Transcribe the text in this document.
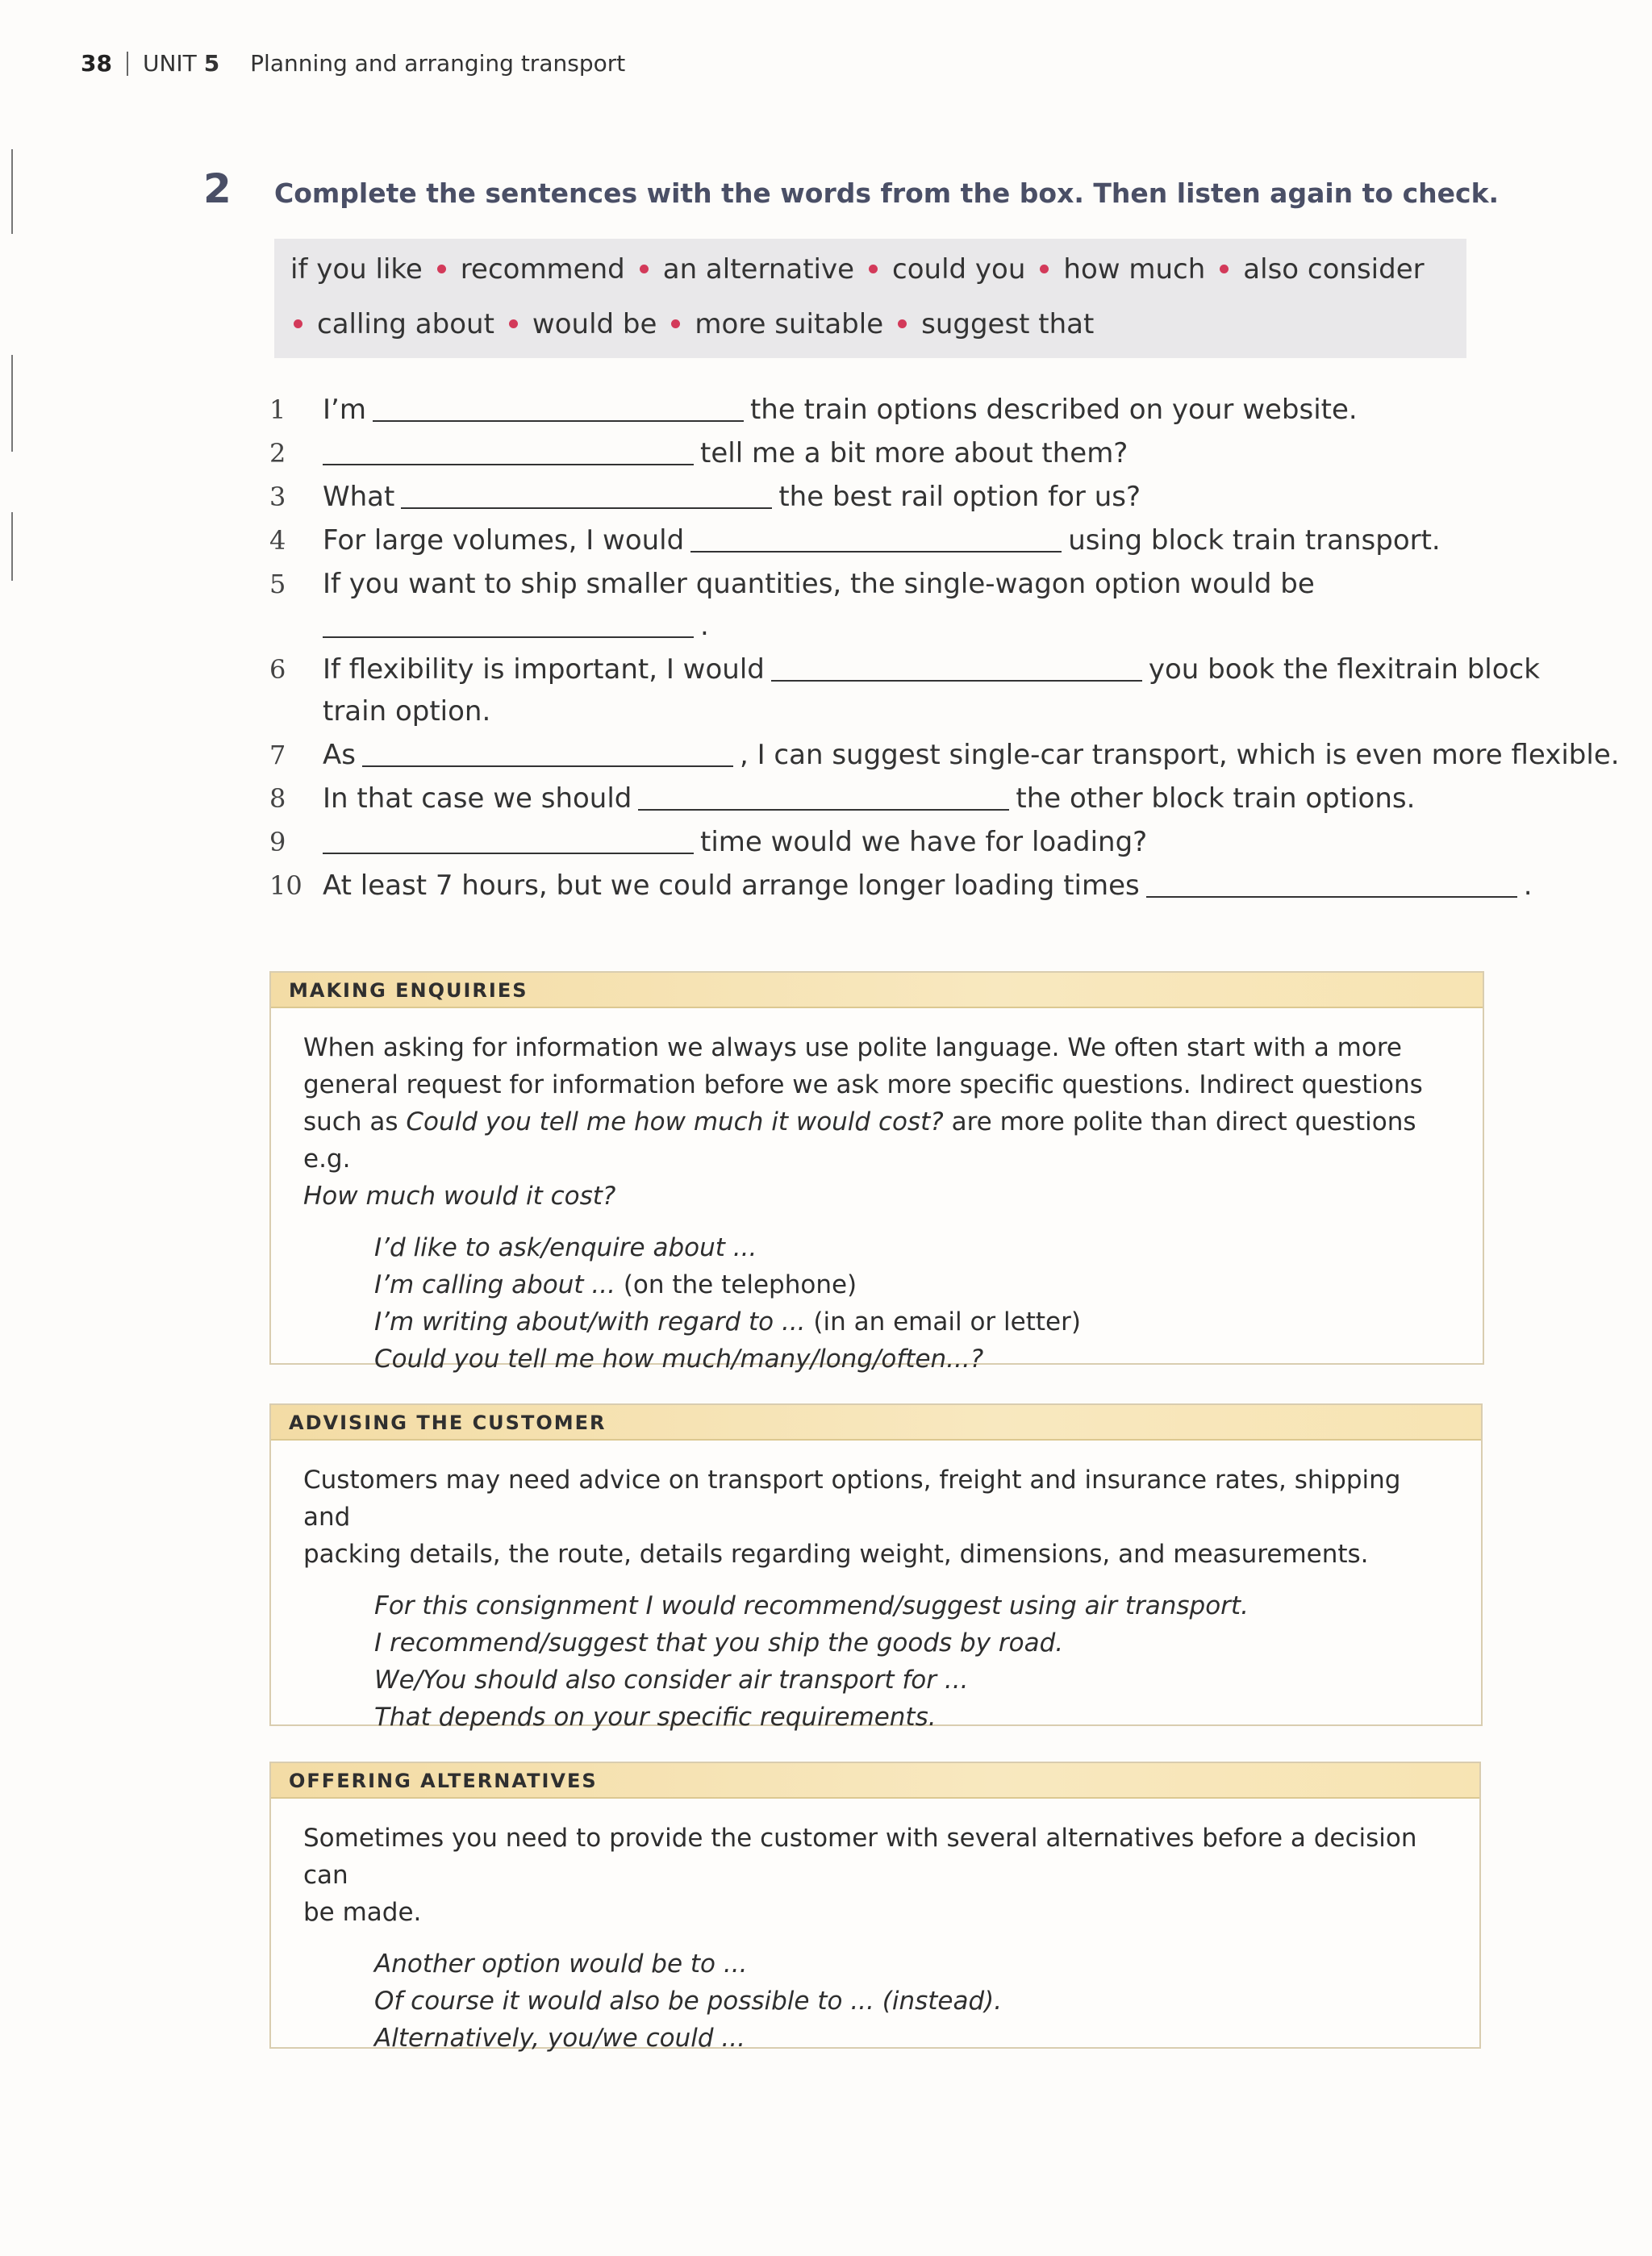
38 UNIT 5 Planning and arranging transport
2 Complete the sentences with the words from the box. Then listen again to check.
if you like recommend an alternative could you how much also consider
calling about would be more suitable suggest that
1 I’m	the train options described on your website.
2	tell me a bit more about them?
3 What	the best rail option for us?
4 For large volumes, I would	using block train transport.
5 If you want to ship smaller quantities, the single-wagon option would be
.
6 If flexibility is important, I would	you book the flexitrain block
train option.
7 As	, I can suggest single-car transport, which is even more flexible.
8 In that case we should	the other block train options.
9	time would we have for loading?
10 At least 7 hours, but we could arrange longer loading times	.
MAKING ENQUIRIES
When asking for information we always use polite language. We often start with a more
general request for information before we ask more specific questions. Indirect questions
such as Could you tell me how much it would cost? are more polite than direct questions e.g.
How much would it cost?
I’d like to ask/enquire about ...
I’m calling about ... (on the telephone)
I’m writing about/with regard to ... (in an email or letter)
Could you tell me how much/many/long/often...?
ADVISING THE CUSTOMER
Customers may need advice on transport options, freight and insurance rates, shipping and
packing details, the route, details regarding weight, dimensions, and measurements.
For this consignment I would recommend/suggest using air transport.
I recommend/suggest that you ship the goods by road.
We/You should also consider air transport for ...
That depends on your specific requirements.
OFFERING ALTERNATIVES
Sometimes you need to provide the customer with several alternatives before a decision can
be made.
Another option would be to ...
Of course it would also be possible to ... (instead).
Alternatively, you/we could ...
